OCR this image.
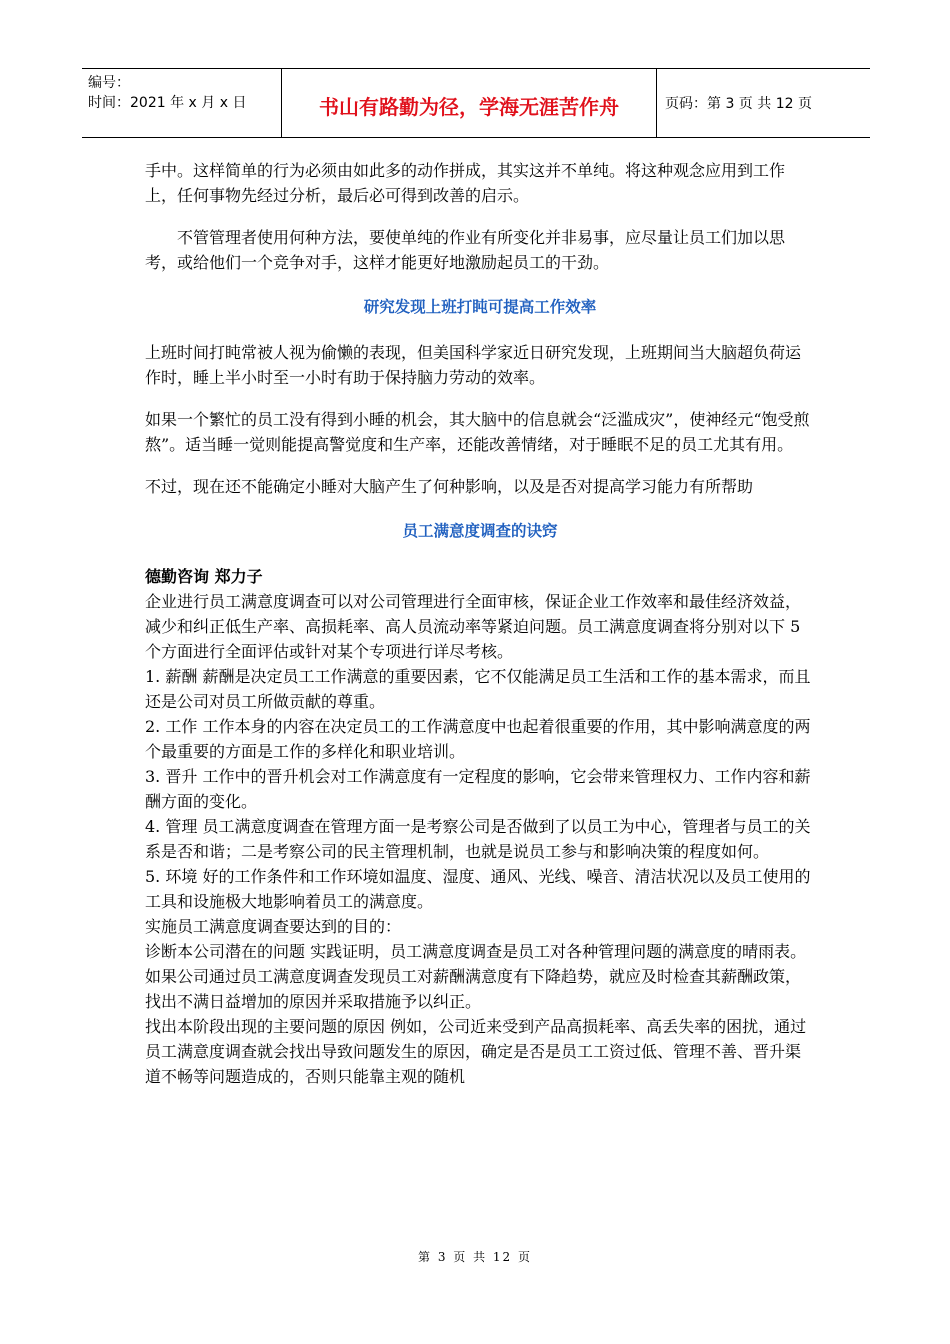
编号：
时间：2021 年 x 月 x 日	书山有路勤为径，学海无涯苦作舟	页码：第 3 页 共 12 页

手中。这样简单的行为必须由如此多的动作拼成，其实这并不单纯。将这种观念应用到工作上，任何事物先经过分析，最后必可得到改善的启示。

不管管理者使用何种方法，要使单纯的作业有所变化并非易事，应尽量让员工们加以思考，或给他们一个竞争对手，这样才能更好地激励起员工的干劲。

研究发现上班打盹可提高工作效率

上班时间打盹常被人视为偷懒的表现，但美国科学家近日研究发现，上班期间当大脑超负荷运作时，睡上半小时至一小时有助于保持脑力劳动的效率。

如果一个繁忙的员工没有得到小睡的机会，其大脑中的信息就会“泛滥成灾”，使神经元“饱受煎熬”。适当睡一觉则能提高警觉度和生产率，还能改善情绪，对于睡眠不足的员工尤其有用。

不过，现在还不能确定小睡对大脑产生了何种影响，以及是否对提高学习能力有所帮助

员工满意度调查的诀窍

德勤咨询 郑力子

企业进行员工满意度调查可以对公司管理进行全面审核，保证企业工作效率和最佳经济效益，减少和纠正低生产率、高损耗率、高人员流动率等紧迫问题。员工满意度调查将分别对以下 5 个方面进行全面评估或针对某个专项进行详尽考核。

1. 薪酬 薪酬是决定员工工作满意的重要因素，它不仅能满足员工生活和工作的基本需求，而且还是公司对员工所做贡献的尊重。

2. 工作 工作本身的内容在决定员工的工作满意度中也起着很重要的作用，其中影响满意度的两个最重要的方面是工作的多样化和职业培训。

3. 晋升 工作中的晋升机会对工作满意度有一定程度的影响，它会带来管理权力、工作内容和薪酬方面的变化。

4. 管理 员工满意度调查在管理方面一是考察公司是否做到了以员工为中心，管理者与员工的关系是否和谐；二是考察公司的民主管理机制，也就是说员工参与和影响决策的程度如何。

5. 环境 好的工作条件和工作环境如温度、湿度、通风、光线、噪音、清洁状况以及员工使用的工具和设施极大地影响着员工的满意度。

实施员工满意度调查要达到的目的：

诊断本公司潜在的问题 实践证明，员工满意度调查是员工对各种管理问题的满意度的晴雨表。如果公司通过员工满意度调查发现员工对薪酬满意度有下降趋势，就应及时检查其薪酬政策，找出不满日益增加的原因并采取措施予以纠正。

找出本阶段出现的主要问题的原因 例如，公司近来受到产品高损耗率、高丢失率的困扰，通过员工满意度调查就会找出导致问题发生的原因，确定是否是员工工资过低、管理不善、晋升渠道不畅等问题造成的，否则只能靠主观的随机

第 3 页 共 12 页
